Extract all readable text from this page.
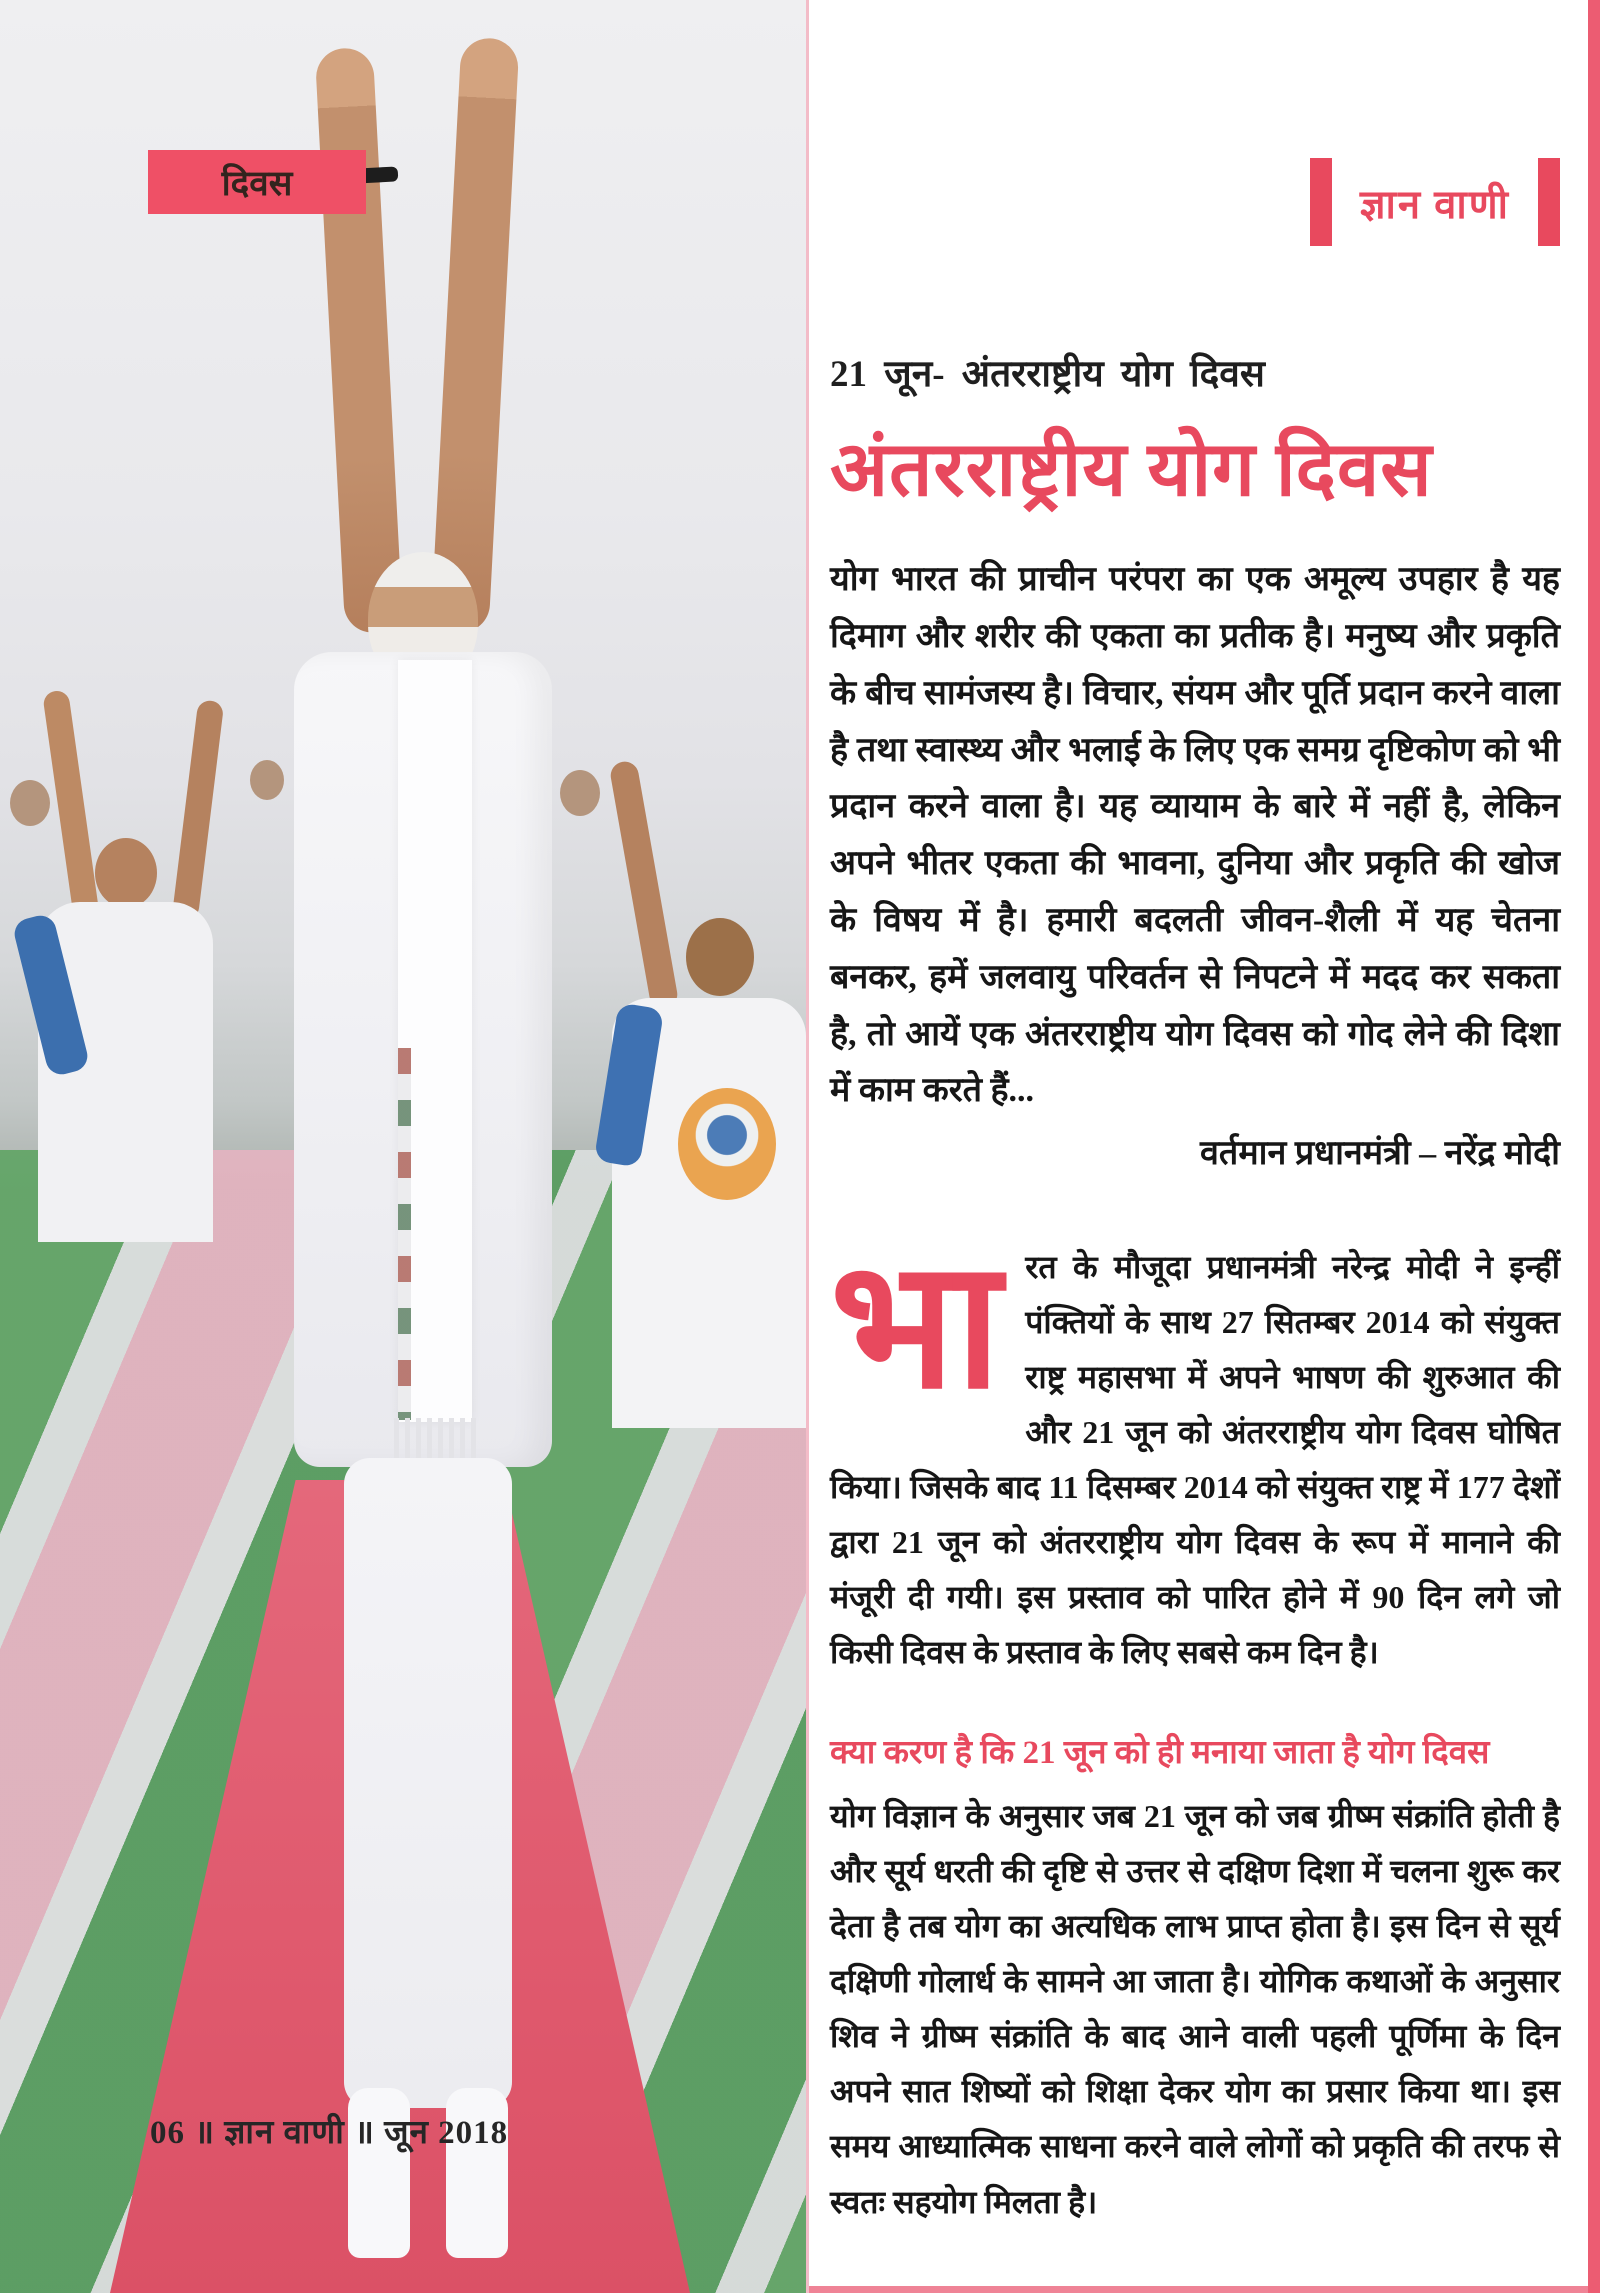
दिवस
06 ॥ ज्ञान वाणी ॥ जून 2018
ज्ञान वाणी
21 जून- अंतरराष्ट्रीय योग दिवस
अंतरराष्ट्रीय योग दिवस

योग भारत की प्राचीन परंपरा का एक अमूल्य उपहार है यह दिमाग और शरीर की एकता का प्रतीक है। मनुष्य और प्रकृति के बीच सामंजस्य है। विचार, संयम और पूर्ति प्रदान करने वाला है तथा स्वास्थ्य और भलाई के लिए एक समग्र दृष्टिकोण को भी प्रदान करने वाला है। यह व्यायाम के बारे में नहीं है, लेकिन अपने भीतर एकता की भावना, दुनिया और प्रकृति की खोज के विषय में है। हमारी बदलती जीवन-शैली में यह चेतना बनकर, हमें जलवायु परिवर्तन से निपटने में मदद कर सकता है, तो आयें एक अंतरराष्ट्रीय योग दिवस को गोद लेने की दिशा में काम करते हैं...

वर्तमान प्रधानमंत्री – नरेंद्र मोदी
भा रत के मौजूदा प्रधानमंत्री नरेन्द्र मोदी ने इन्हीं पंक्तियों के साथ 27 सितम्बर 2014 को संयुक्त राष्ट्र महासभा में अपने भाषण की शुरुआत की और 21 जून को अंतरराष्ट्रीय योग दिवस घोषित किया। जिसके बाद 11 दिसम्बर 2014 को संयुक्त राष्ट्र में 177 देशों द्वारा 21 जून को अंतरराष्ट्रीय योग दिवस के रूप में मानाने की मंजूरी दी गयी। इस प्रस्ताव को पारित होने में 90 दिन लगे जो किसी दिवस के प्रस्ताव के लिए सबसे कम दिन है।
क्या करण है कि 21 जून को ही मनाया जाता है योग दिवस

योग विज्ञान के अनुसार जब 21 जून को जब ग्रीष्म संक्रांति होती है और सूर्य धरती की दृष्टि से उत्तर से दक्षिण दिशा में चलना शुरू कर देता है तब योग का अत्यधिक लाभ प्राप्त होता है। इस दिन से सूर्य दक्षिणी गोलार्ध के सामने आ जाता है। योगिक कथाओं के अनुसार शिव ने ग्रीष्म संक्रांति के बाद आने वाली पहली पूर्णिमा के दिन अपने सात शिष्यों को शिक्षा देकर योग का प्रसार किया था। इस समय आध्यात्मिक साधना करने वाले लोगों को प्रकृति की तरफ से स्वतः सहयोग मिलता है।
